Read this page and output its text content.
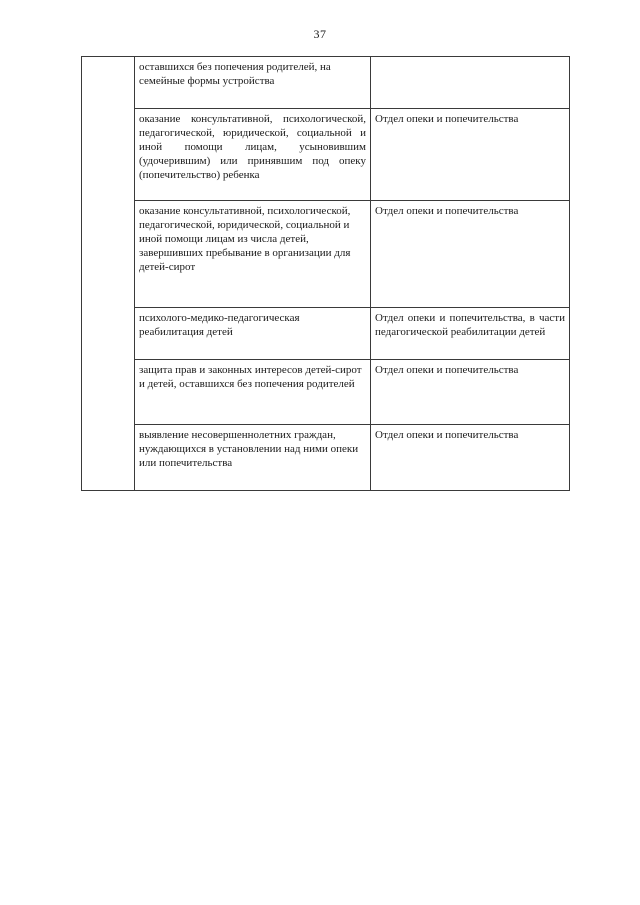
37
	оставшихся без попечения родителей, на семейные формы устройства	
	оказание консультативной, психологической, педагогической, юридической, социальной и иной помощи лицам, усыновившим (удочерившим) или принявшим под опеку (попечительство) ребенка	Отдел опеки и попечительства
	оказание консультативной, психологической, педагогической, юридической, социальной и иной помощи лицам из числа детей, завершивших пребывание в организации для детей-сирот	Отдел опеки и попечительства
	психолого-медико-педагогическая реабилитация детей	Отдел опеки и попечительства, в части педагогической реабилитации детей
	защита прав и законных интересов детей-сирот и детей, оставшихся без попечения родителей	Отдел опеки и попечительства
	выявление несовершеннолетних граждан, нуждающихся в установлении над ними опеки или попечительства	Отдел опеки и попечительства
